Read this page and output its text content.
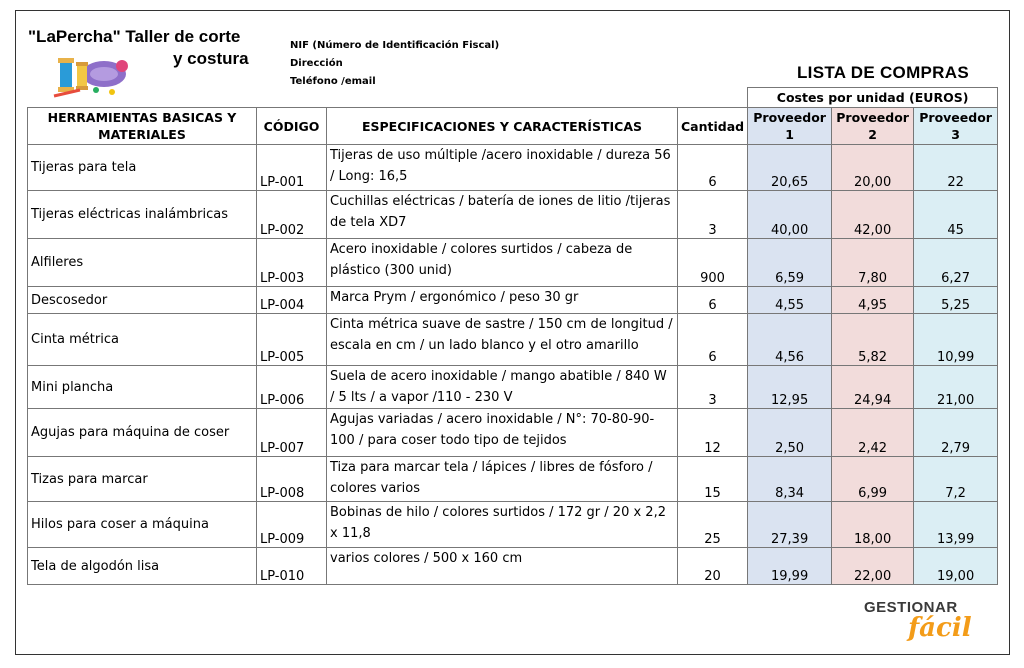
"LaPercha" Taller de corte
y costura
NIF (Número de Identificación Fiscal)
Dirección
Teléfono /email	LISTA DE COMPRAS
				Costes por unidad (EUROS)		
HERRAMIENTAS BASICAS Y MATERIALES	CÓDIGO	ESPECIFICACIONES Y CARACTERÍSTICAS	Cantidad	Proveedor 1	Proveedor 2	Proveedor 3
Tijeras para tela	LP-001	Tijeras de uso múltiple /acero inoxidable / dureza 56 / Long: 16,5	6	20,65	20,00	22
Tijeras eléctricas inalámbricas	LP-002	Cuchillas eléctricas / batería de iones de litio /tijeras de tela XD7	3	40,00	42,00	45
Alfileres	LP-003	Acero inoxidable / colores surtidos / cabeza de plástico (300 unid)	900	6,59	7,80	6,27
Descosedor	LP-004	Marca Prym / ergonómico / peso 30 gr	6	4,55	4,95	5,25
Cinta métrica	LP-005	Cinta métrica suave de sastre / 150 cm de longitud / escala en cm / un lado blanco y el otro amarillo	6	4,56	5,82	10,99
Mini plancha	LP-006	Suela de acero inoxidable / mango abatible / 840 W / 5 lts / a vapor /110 - 230 V	3	12,95	24,94	21,00
Agujas para máquina de coser	LP-007	Agujas variadas / acero inoxidable / N°: 70-80-90-100 / para coser todo tipo de tejidos	12	2,50	2,42	2,79
Tizas para marcar	LP-008	Tiza para marcar tela / lápices / libres de fósforo / colores varios	15	8,34	6,99	7,2
Hilos para coser a máquina	LP-009	Bobinas de hilo / colores surtidos / 172 gr / 20 x 2,2 x 11,8	25	27,39	18,00	13,99
Tela de algodón lisa	LP-010	varios colores / 500 x 160 cm	20	19,99	22,00	19,00
GESTIONAR
fácil
